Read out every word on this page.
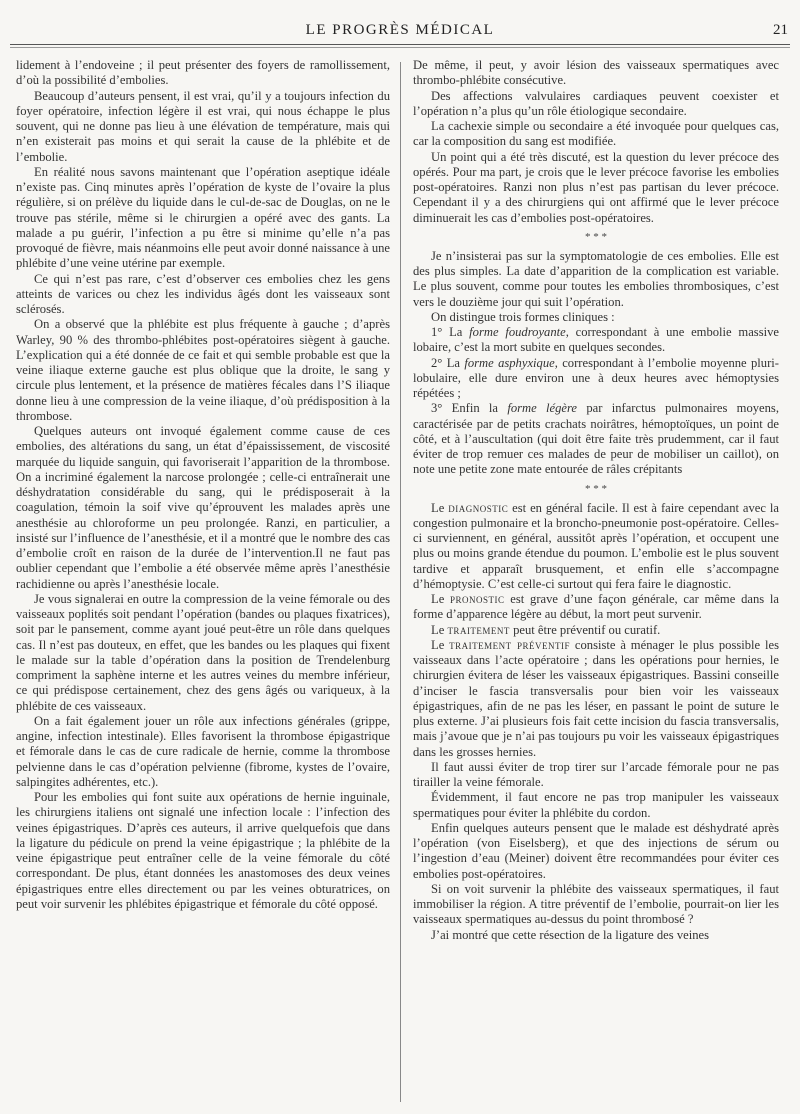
LE PROGRÈS MÉDICAL	21

lidement à l’endoveine ; il peut présenter des foyers de ramollissement, d’où la possibilité d’embolies.

Beaucoup d’auteurs pensent, il est vrai, qu’il y a toujours infection du foyer opératoire, infection légère il est vrai, qui nous échappe le plus souvent, qui ne donne pas lieu à une élévation de température, mais qui n’en existerait pas moins et qui serait la cause de la phlébite et de l’embolie.

En réalité nous savons maintenant que l’opération aseptique idéale n’existe pas. Cinq minutes après l’opération de kyste de l’ovaire la plus régulière, si on prélève du liquide dans le cul-de-sac de Douglas, on ne le trouve pas stérile, même si le chirurgien a opéré avec des gants. La malade a pu guérir, l’infection a pu être si minime qu’elle n’a pas provoqué de fièvre, mais néanmoins elle peut avoir donné naissance à une phlébite d’une veine utérine par exemple.

Ce qui n’est pas rare, c’est d’observer ces embolies chez les gens atteints de varices ou chez les individus âgés dont les vaisseaux sont sclérosés.

On a observé que la phlébite est plus fréquente à gauche ; d’après Warley, 90 % des thrombo-phlébites post-opératoires siègent à gauche. L’explication qui a été donnée de ce fait et qui semble probable est que la veine iliaque externe gauche est plus oblique que la droite, le sang y circule plus lentement, et la présence de matières fécales dans l’S iliaque donne lieu à une compression de la veine iliaque, d’où prédisposition à la thrombose.

Quelques auteurs ont invoqué également comme cause de ces embolies, des altérations du sang, un état d’épaississement, de viscosité marquée du liquide sanguin, qui favoriserait l’apparition de la thrombose. On a incriminé également la narcose prolongée ; celle-ci entraînerait une déshydratation considérable du sang, qui le prédisposerait à la coagulation, témoin la soif vive qu’éprouvent les malades après une anesthésie au chloroforme un peu prolongée. Ranzi, en particulier, a insisté sur l’influence de l’anesthésie, et il a montré que le nombre des cas d’embolie croît en raison de la durée de l’intervention.Il ne faut pas oublier cependant que l’embolie a été observée même après l’anesthésie rachidienne ou après l’anesthésie locale.

Je vous signalerai en outre la compression de la veine fémorale ou des vaisseaux poplités soit pendant l’opération (bandes ou plaques fixatrices), soit par le pansement, comme ayant joué peut-être un rôle dans quelques cas. Il n’est pas douteux, en effet, que les bandes ou les plaques qui fixent le malade sur la table d’opération dans la position de Trendelenburg compriment la saphène interne et les autres veines du membre inférieur, ce qui prédispose certainement, chez des gens âgés ou variqueux, à la phlébite de ces vaisseaux.

On a fait également jouer un rôle aux infections générales (grippe, angine, infection intestinale). Elles favorisent la thrombose épigastrique et fémorale dans le cas de cure radicale de hernie, comme la thrombose pelvienne dans le cas d’opération pelvienne (fibrome, kystes de l’ovaire, salpingites adhérentes, etc.).

Pour les embolies qui font suite aux opérations de hernie inguinale, les chirurgiens italiens ont signalé une infection locale : l’infection des veines épigastriques. D’après ces auteurs, il arrive quelquefois que dans la ligature du pédicule on prend la veine épigastrique ; la phlébite de la veine épigastrique peut entraîner celle de la veine fémorale du côté correspondant. De plus, étant données les anastomoses des deux veines épigastriques entre elles directement ou par les veines obturatrices, on peut voir survenir les phlébites épigastrique et fémorale du côté opposé.

De même, il peut, y avoir lésion des vaisseaux spermatiques avec thrombo-phlébite consécutive.

Des affections valvulaires cardiaques peuvent coexister et l’opération n’a plus qu’un rôle étiologique secondaire.

La cachexie simple ou secondaire a été invoquée pour quelques cas, car la composition du sang est modifiée.

Un point qui a été très discuté, est la question du lever précoce des opérés. Pour ma part, je crois que le lever précoce favorise les embolies post-opératoires. Ranzi non plus n’est pas partisan du lever précoce. Cependant il y a des chirurgiens qui ont affirmé que le lever précoce diminuerait les cas d’embolies post-opératoires.

* * *

Je n’insisterai pas sur la symptomatologie de ces embolies. Elle est des plus simples. La date d’apparition de la complication est variable. Le plus souvent, comme pour toutes les embolies thrombosiques, c’est vers le douzième jour qui suit l’opération.

On distingue trois formes cliniques :

1° La forme foudroyante, correspondant à une embolie massive lobaire, c’est la mort subite en quelques secondes.

2° La forme asphyxique, correspondant à l’embolie moyenne pluri-lobulaire, elle dure environ une à deux heures avec hémoptysies répétées ;

3° Enfin la forme légère par infarctus pulmonaires moyens, caractérisée par de petits crachats noirâtres, hémoptoïques, un point de côté, et à l’auscultation (qui doit être faite très prudemment, car il faut éviter de trop remuer ces malades de peur de mobiliser un caillot), on note une petite zone mate entourée de râles crépitants

* * *

Le diagnostic est en général facile. Il est à faire cependant avec la congestion pulmonaire et la broncho-pneumonie post-opératoire. Celles-ci surviennent, en général, aussitôt après l’opération, et occupent une plus ou moins grande étendue du poumon. L’embolie est le plus souvent tardive et apparaît brusquement, et enfin elle s’accompagne d’hémoptysie. C’est celle-ci surtout qui fera faire le diagnostic.

Le pronostic est grave d’une façon générale, car même dans la forme d’apparence légère au début, la mort peut survenir.

Le traitement peut être préventif ou curatif.

Le traitement préventif consiste à ménager le plus possible les vaisseaux dans l’acte opératoire ; dans les opérations pour hernies, le chirurgien évitera de léser les vaisseaux épigastriques. Bassini conseille d’inciser le fascia transversalis pour bien voir les vaisseaux épigastriques, afin de ne pas les léser, en passant le point de suture le plus externe. J’ai plusieurs fois fait cette incision du fascia transversalis, mais j’avoue que je n’ai pas toujours pu voir les vaisseaux épigastriques dans les grosses hernies.

Il faut aussi éviter de trop tirer sur l’arcade fémorale pour ne pas tirailler la veine fémorale.

Évidemment, il faut encore ne pas trop manipuler les vaisseaux spermatiques pour éviter la phlébite du cordon.

Enfin quelques auteurs pensent que le malade est déshydraté après l’opération (von Eiselsberg), et que des injections de sérum ou l’ingestion d’eau (Meiner) doivent être recommandées pour éviter ces embolies post-opératoires.

Si on voit survenir la phlébite des vaisseaux spermatiques, il faut immobiliser la région. A titre préventif de l’embolie, pourrait-on lier les vaisseaux spermatiques au-dessus du point thrombosé ?

J’ai montré que cette résection de la ligature des veines
